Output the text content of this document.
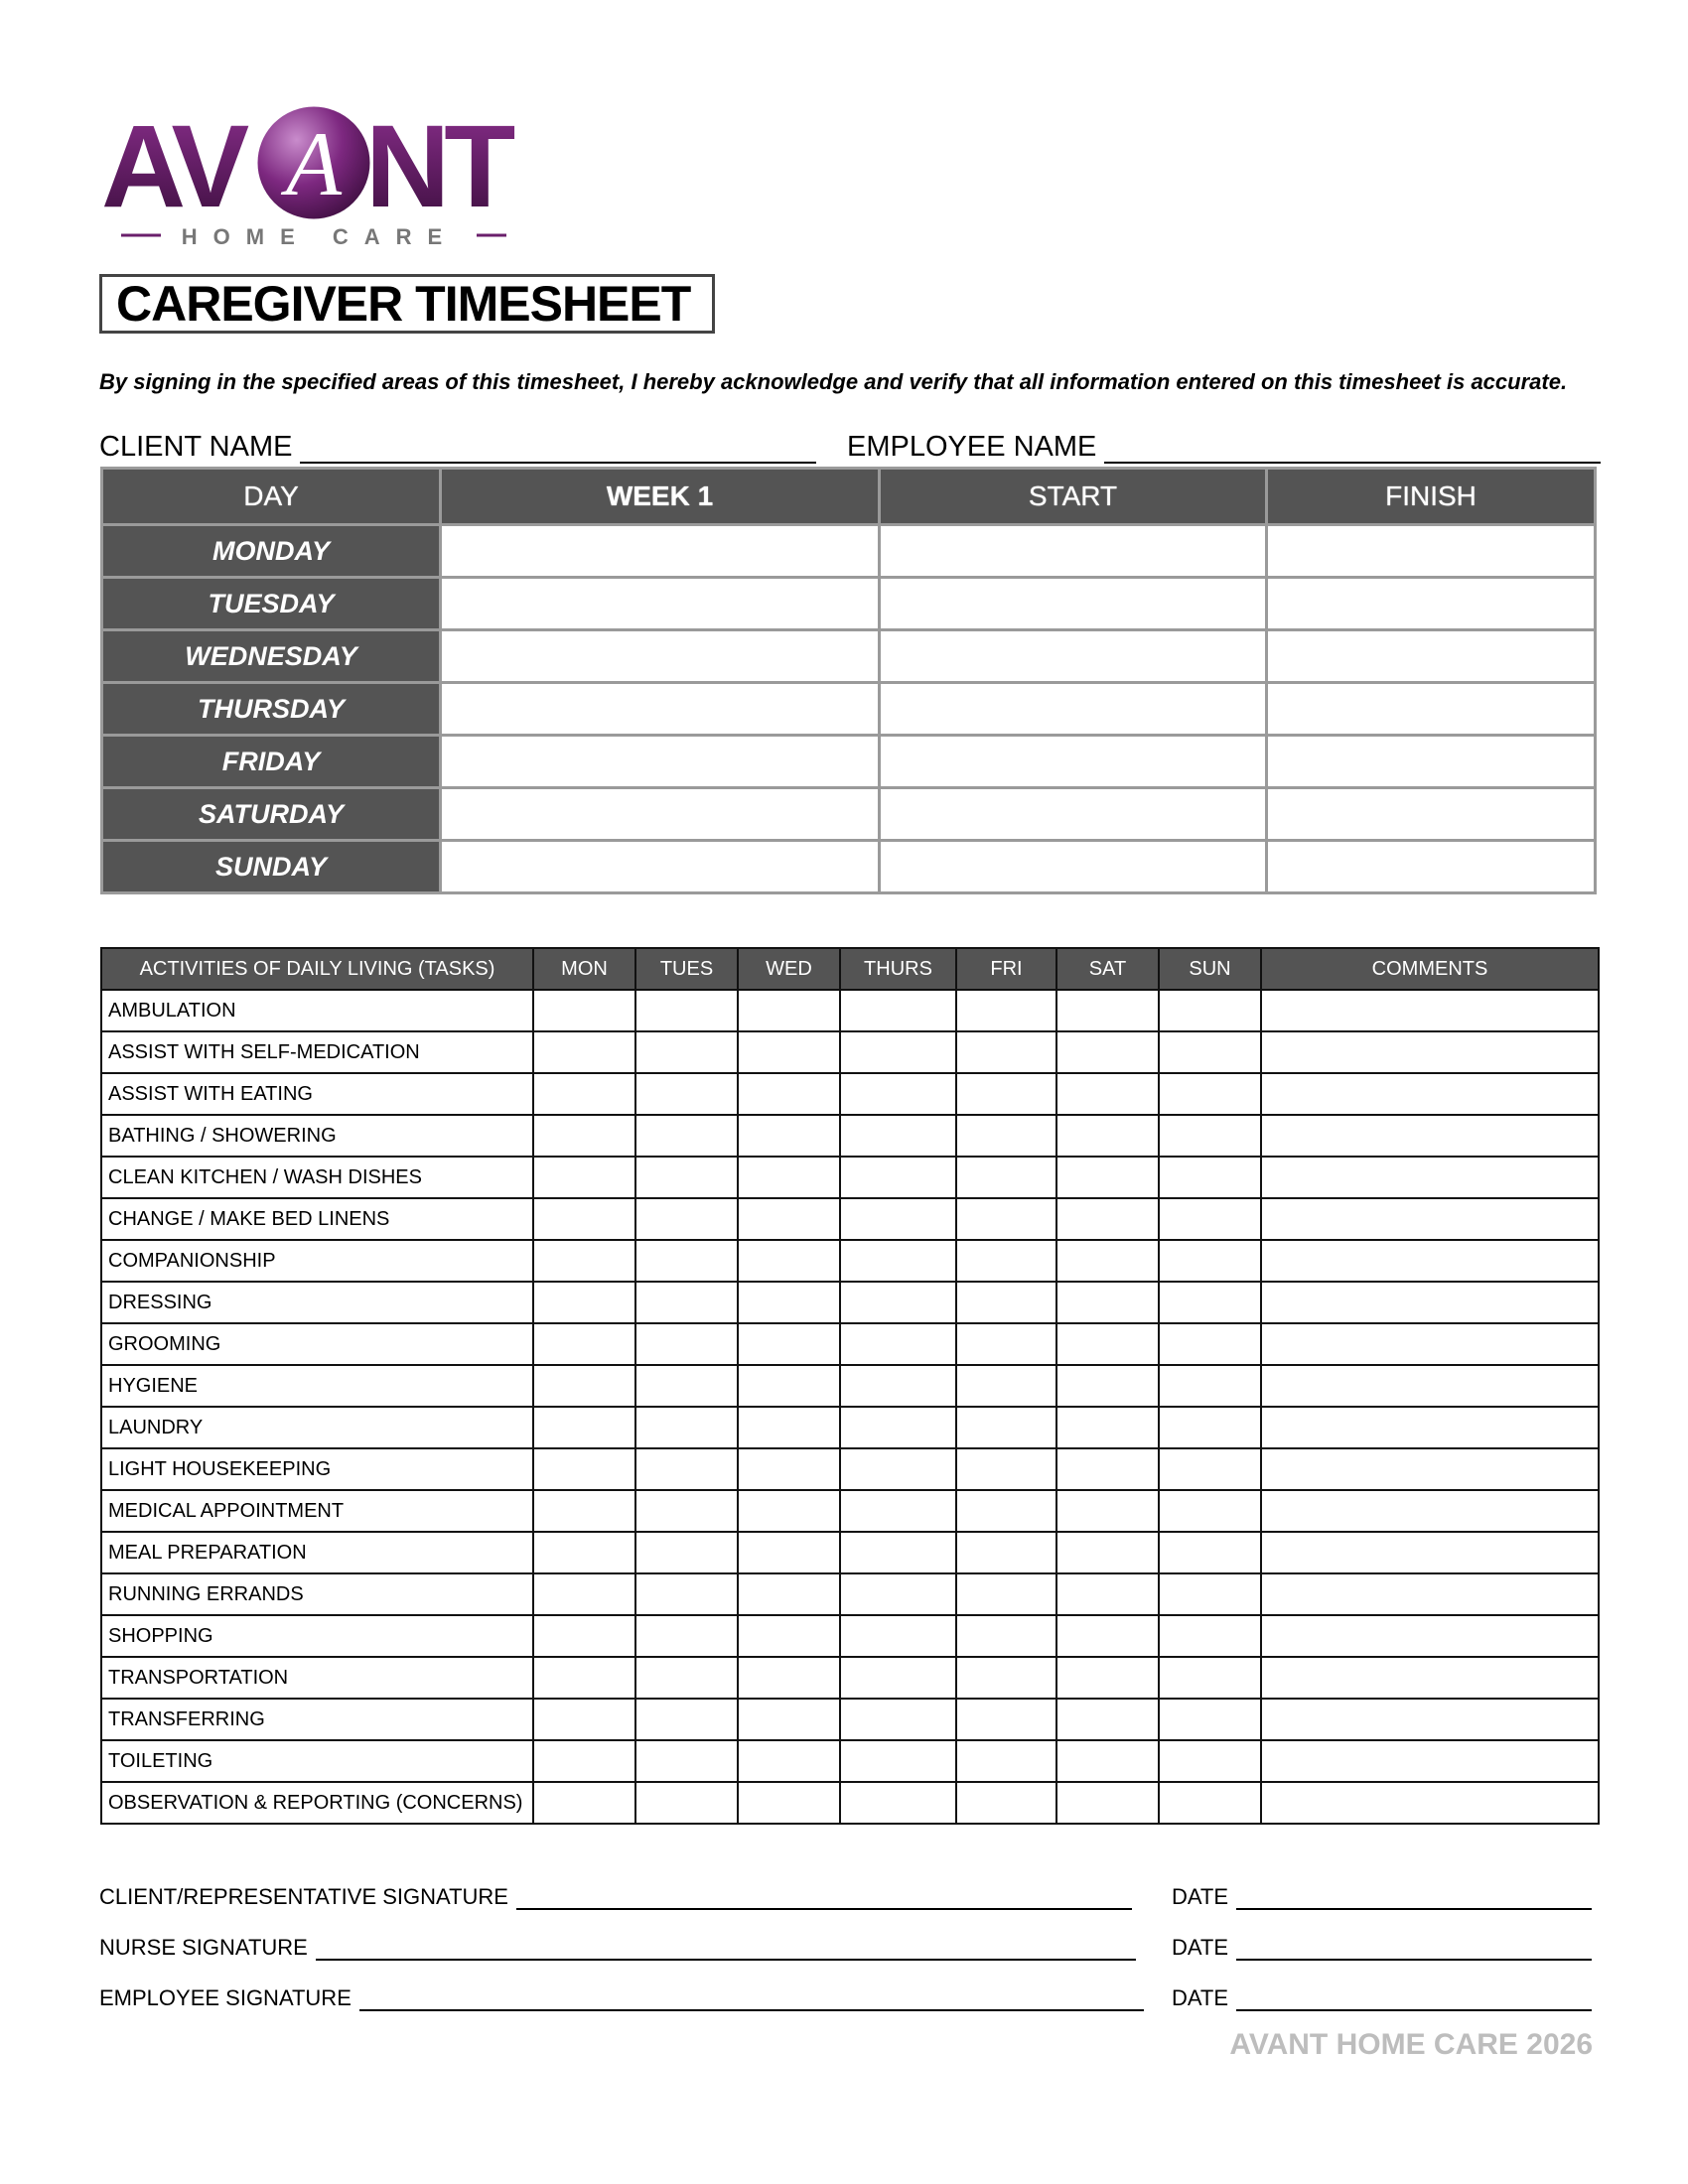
AV A NT
HOME CARE
CAREGIVER TIMESHEET
By signing in the specified areas of this timesheet, I hereby acknowledge and verify that all information entered on this timesheet is accurate.
CLIENT NAME	EMPLOYEE NAME
DAY	WEEK 1	START	FINISH
MONDAY			
TUESDAY			
WEDNESDAY			
THURSDAY			
FRIDAY			
SATURDAY			
SUNDAY			
ACTIVITIES OF DAILY LIVING (TASKS)	MON	TUES	WED	THURS	FRI	SAT	SUN	COMMENTS
AMBULATION								
ASSIST WITH SELF-MEDICATION								
ASSIST WITH EATING								
BATHING / SHOWERING								
CLEAN KITCHEN / WASH DISHES								
CHANGE / MAKE BED LINENS								
COMPANIONSHIP								
DRESSING								
GROOMING								
HYGIENE								
LAUNDRY								
LIGHT HOUSEKEEPING								
MEDICAL APPOINTMENT								
MEAL PREPARATION								
RUNNING ERRANDS								
SHOPPING								
TRANSPORTATION								
TRANSFERRING								
TOILETING								
OBSERVATION & REPORTING (CONCERNS)								
CLIENT/REPRESENTATIVE SIGNATURE
NURSE SIGNATURE
EMPLOYEE SIGNATURE
DATE
DATE
DATE
AVANT HOME CARE 2026
